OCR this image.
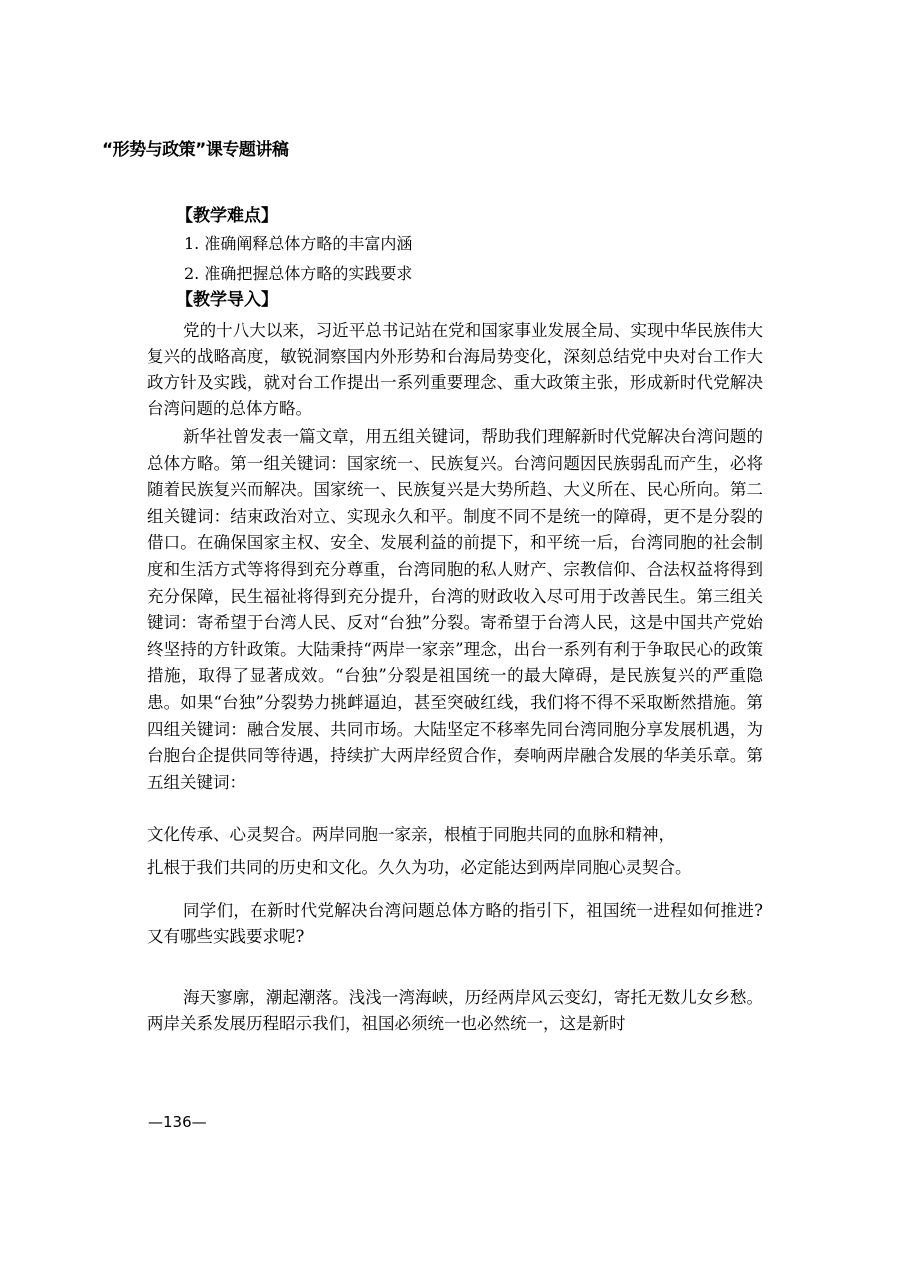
“形势与政策”课专题讲稿
【教学难点】
1. 准确阐释总体方略的丰富内涵
2. 准确把握总体方略的实践要求
【教学导入】

党的十八大以来，习近平总书记站在党和国家事业发展全局、实现中华民族伟大复兴的战略高度，敏锐洞察国内外形势和台海局势变化，深刻总结党中央对台工作大政方针及实践，就对台工作提出一系列重要理念、重大政策主张，形成新时代党解决台湾问题的总体方略。

新华社曾发表一篇文章，用五组关键词，帮助我们理解新时代党解决台湾问题的总体方略。第一组关键词：国家统一、民族复兴。台湾问题因民族弱乱而产生，必将随着民族复兴而解决。国家统一、民族复兴是大势所趋、大义所在、民心所向。第二组关键词：结束政治对立、实现永久和平。制度不同不是统一的障碍，更不是分裂的借口。在确保国家主权、安全、发展利益的前提下，和平统一后，台湾同胞的社会制度和生活方式等将得到充分尊重，台湾同胞的私人财产、宗教信仰、合法权益将得到充分保障，民生福祉将得到充分提升，台湾的财政收入尽可用于改善民生。第三组关键词：寄希望于台湾人民、反对“台独”分裂。寄希望于台湾人民，这是中国共产党始终坚持的方针政策。大陆秉持“两岸一家亲”理念，出台一系列有利于争取民心的政策措施，取得了显著成效。“台独”分裂是祖国统一的最大障碍，是民族复兴的严重隐患。如果“台独”分裂势力挑衅逼迫，甚至突破红线，我们将不得不采取断然措施。第四组关键词：融合发展、共同市场。大陆坚定不移率先同台湾同胞分享发展机遇，为台胞台企提供同等待遇，持续扩大两岸经贸合作，奏响两岸融合发展的华美乐章。第五组关键词：

文化传承、心灵契合。两岸同胞一家亲，根植于同胞共同的血脉和精神，

扎根于我们共同的历史和文化。久久为功，必定能达到两岸同胞心灵契合。

同学们，在新时代党解决台湾问题总体方略的指引下，祖国统一进程如何推进?又有哪些实践要求呢?

海天寥廓，潮起潮落。浅浅一湾海峡，历经两岸风云变幻，寄托无数儿女乡愁。两岸关系发展历程昭示我们，祖国必须统一也必然统一，这是新时

—136—
